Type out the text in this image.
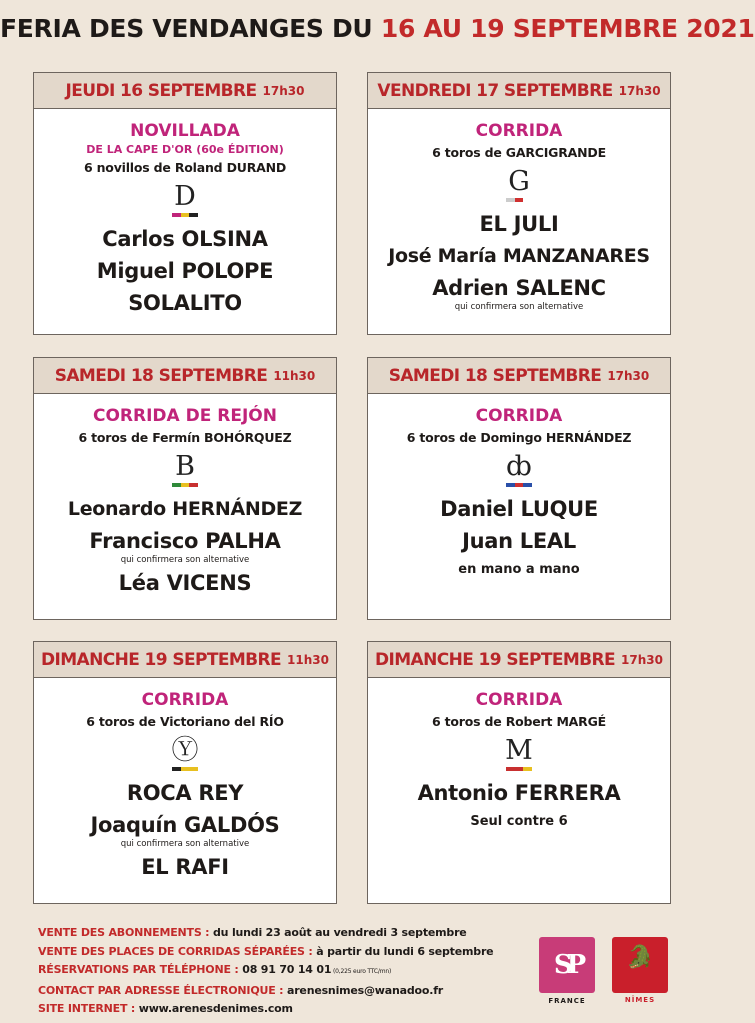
FERIA DES VENDANGES DU 16 AU 19 SEPTEMBRE 2021
JEUDI 16 SEPTEMBRE 17h30
NOVILLADA
DE LA CAPE D'OR (60e ÉDITION)
6 novillos de Roland DURAND
D
Carlos OLSINA
Miguel POLOPE
SOLALITO
VENDREDI 17 SEPTEMBRE 17h30
CORRIDA
6 toros de GARCIGRANDE
G
EL JULI
José María MANZANARES
Adrien SALENC
qui confirmera son alternative
SAMEDI 18 SEPTEMBRE 11h30
CORRIDA DE REJÓN
6 toros de Fermín BOHÓRQUEZ
B
Leonardo HERNÁNDEZ
Francisco PALHA
qui confirmera son alternative
Léa VICENS
SAMEDI 18 SEPTEMBRE 17h30
CORRIDA
6 toros de Domingo HERNÁNDEZ
ȸ
Daniel LUQUE
Juan LEAL
en mano a mano
DIMANCHE 19 SEPTEMBRE 11h30
CORRIDA
6 toros de Victoriano del RÍO
Ⓨ
ROCA REY
Joaquín GALDÓS
qui confirmera son alternative
EL RAFI
DIMANCHE 19 SEPTEMBRE 17h30
CORRIDA
6 toros de Robert MARGÉ
M
Antonio FERRERA
Seul contre 6
VENTE DES ABONNEMENTS : du lundi 23 août au vendredi 3 septembre
VENTE DES PLACES DE CORRIDAS SÉPARÉES : à partir du lundi 6 septembre
RÉSERVATIONS PAR TÉLÉPHONE : 08 91 70 14 01 (0,225 euro TTC/mn)
CONTACT PAR ADRESSE ÉLECTRONIQUE : arenesnimes@wanadoo.fr
SITE INTERNET : www.arenesdenimes.com
SP
FRANCE
🐊
NÎMES
